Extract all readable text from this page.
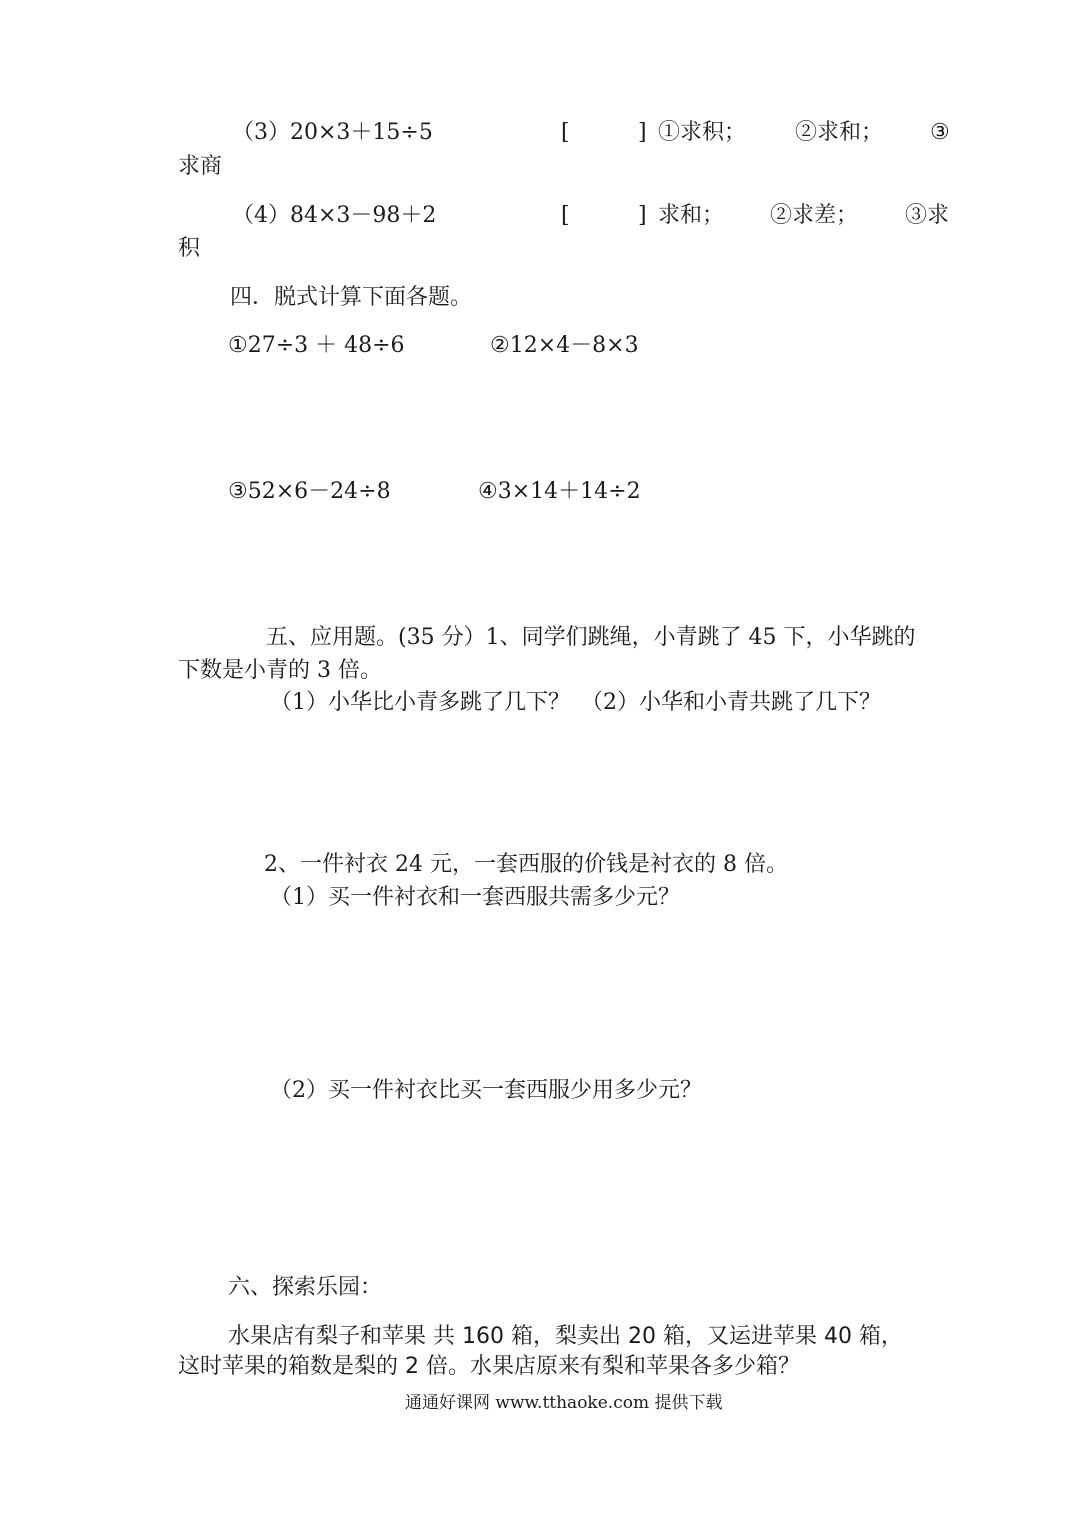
（3）20×3＋15÷5	[	] ①求积； ②求和； ③
求商
（4）84×3－98＋2	[	] 求和； ②求差； ③求
积
四．脱式计算下面各题。
①27÷3 ＋ 48÷6	②12×4－8×3
③52×6－24÷8	④3×14＋14÷2
五、应用题。(35 分）1、同学们跳绳，小青跳了 45 下，小华跳的
下数是小青的 3 倍。
（1）小华比小青多跳了几下？　（2）小华和小青共跳了几下？
2、一件衬衣 24 元，一套西服的价钱是衬衣的 8 倍。
（1）买一件衬衣和一套西服共需多少元？
（2）买一件衬衣比买一套西服少用多少元？
六、探索乐园：
水果店有梨子和苹果 共 160 箱，梨卖出 20 箱，又运进苹果 40 箱，
这时苹果的箱数是梨的 2 倍。水果店原来有梨和苹果各多少箱？
通通好课网 www.tthaoke.com 提供下载
